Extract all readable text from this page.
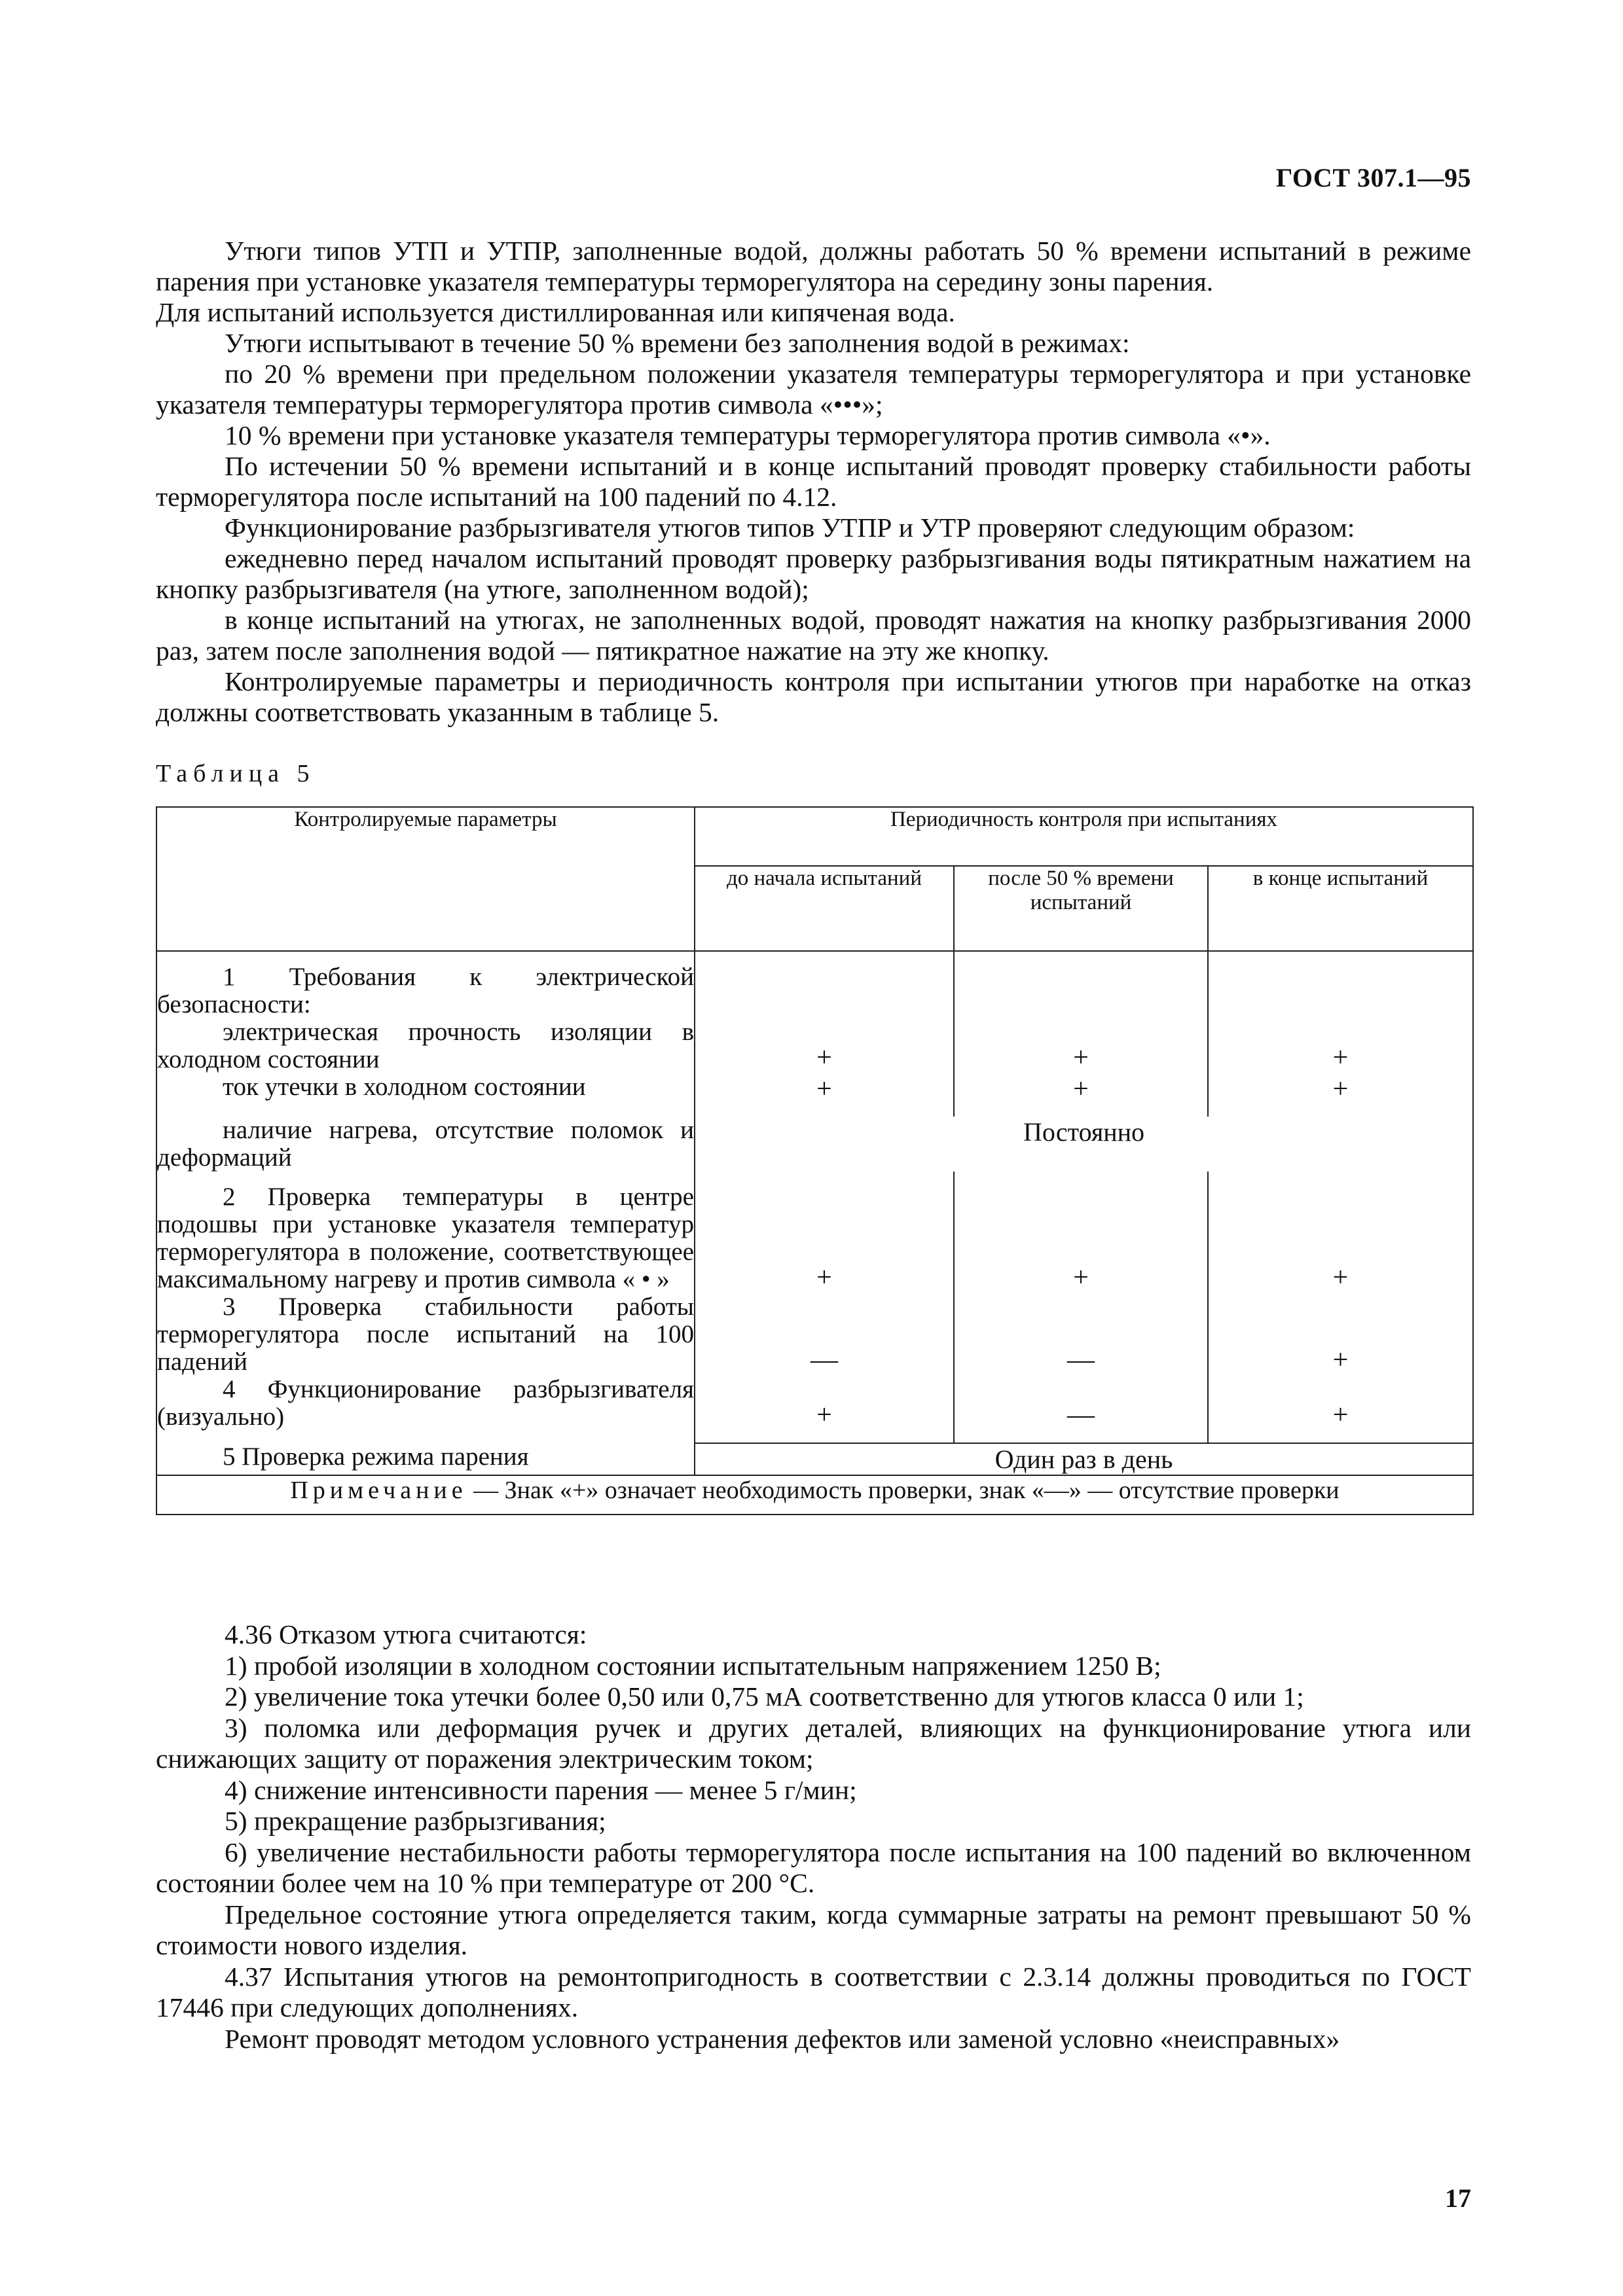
ГОСТ 307.1—95

Утюги типов УТП и УТПР, заполненные водой, должны работать 50 % времени испытаний в режиме парения при установке указателя температуры терморегулятора на середину зоны парения.

Для испытаний используется дистиллированная или кипяченая вода.

Утюги испытывают в течение 50 % времени без заполнения водой в режимах:

по 20 % времени при предельном положении указателя температуры терморегулятора и при установке указателя температуры терморегулятора против символа «•••»;

10 % времени при установке указателя температуры терморегулятора против символа «•».

По истечении 50 % времени испытаний и в конце испытаний проводят проверку стабильности работы терморегулятора после испытаний на 100 падений по 4.12.

Функционирование разбрызгивателя утюгов типов УТПР и УТР проверяют следующим образом:

ежедневно перед началом испытаний проводят проверку разбрызгивания воды пятикратным нажатием на кнопку разбрызгивателя (на утюге, заполненном водой);

в конце испытаний на утюгах, не заполненных водой, проводят нажатия на кнопку разбрызгивания 2000 раз, затем после заполнения водой — пятикратное нажатие на эту же кнопку.

Контролируемые параметры и периодичность контроля при испытании утюгов при наработке на отказ должны соответствовать указанным в таблице 5.

Таблица 5
Контролируемые параметры	Периодичность контроля при испытаниях		
	до начала испытаний	после 50 % времени испытаний	в конце испытаний

1 Требования к электрической безопасности:			

электрическая прочность изоляции в холодном состоянии	+	+	+

ток утечки в холодном состоянии	+	+	+

наличие нагрева, отсутствие поломок и деформаций	Постоянно		

2 Проверка температуры в центре подошвы при установке указателя температур терморегулятора в положение, соответствующее максимальному нагреву и против символа « • »	+	+	+

3 Проверка стабильности работы терморегулятора после испытаний на 100 падений	—	—	+

4 Функционирование разбрызгивателя (визуально)	+	—	+

5 Проверка режима парения	Один раз в день		
Примечание — Знак «+» означает необходимость проверки, знак «—» — отсутствие проверки			

4.36 Отказом утюга считаются:

1) пробой изоляции в холодном состоянии испытательным напряжением 1250 В;

2) увеличение тока утечки более 0,50 или 0,75 мА соответственно для утюгов класса 0 или 1;

3) поломка или деформация ручек и других деталей, влияющих на функционирование утюга или снижающих защиту от поражения электрическим током;

4) снижение интенсивности парения — менее 5 г/мин;

5) прекращение разбрызгивания;

6) увеличение нестабильности работы терморегулятора после испытания на 100 падений во включенном состоянии более чем на 10 % при температуре от 200 °С.

Предельное состояние утюга определяется таким, когда суммарные затраты на ремонт превышают 50 % стоимости нового изделия.

4.37 Испытания утюгов на ремонтопригодность в соответствии с 2.3.14 должны проводиться по ГОСТ 17446 при следующих дополнениях.

Ремонт проводят методом условного устранения дефектов или заменой условно «неисправных»

17
